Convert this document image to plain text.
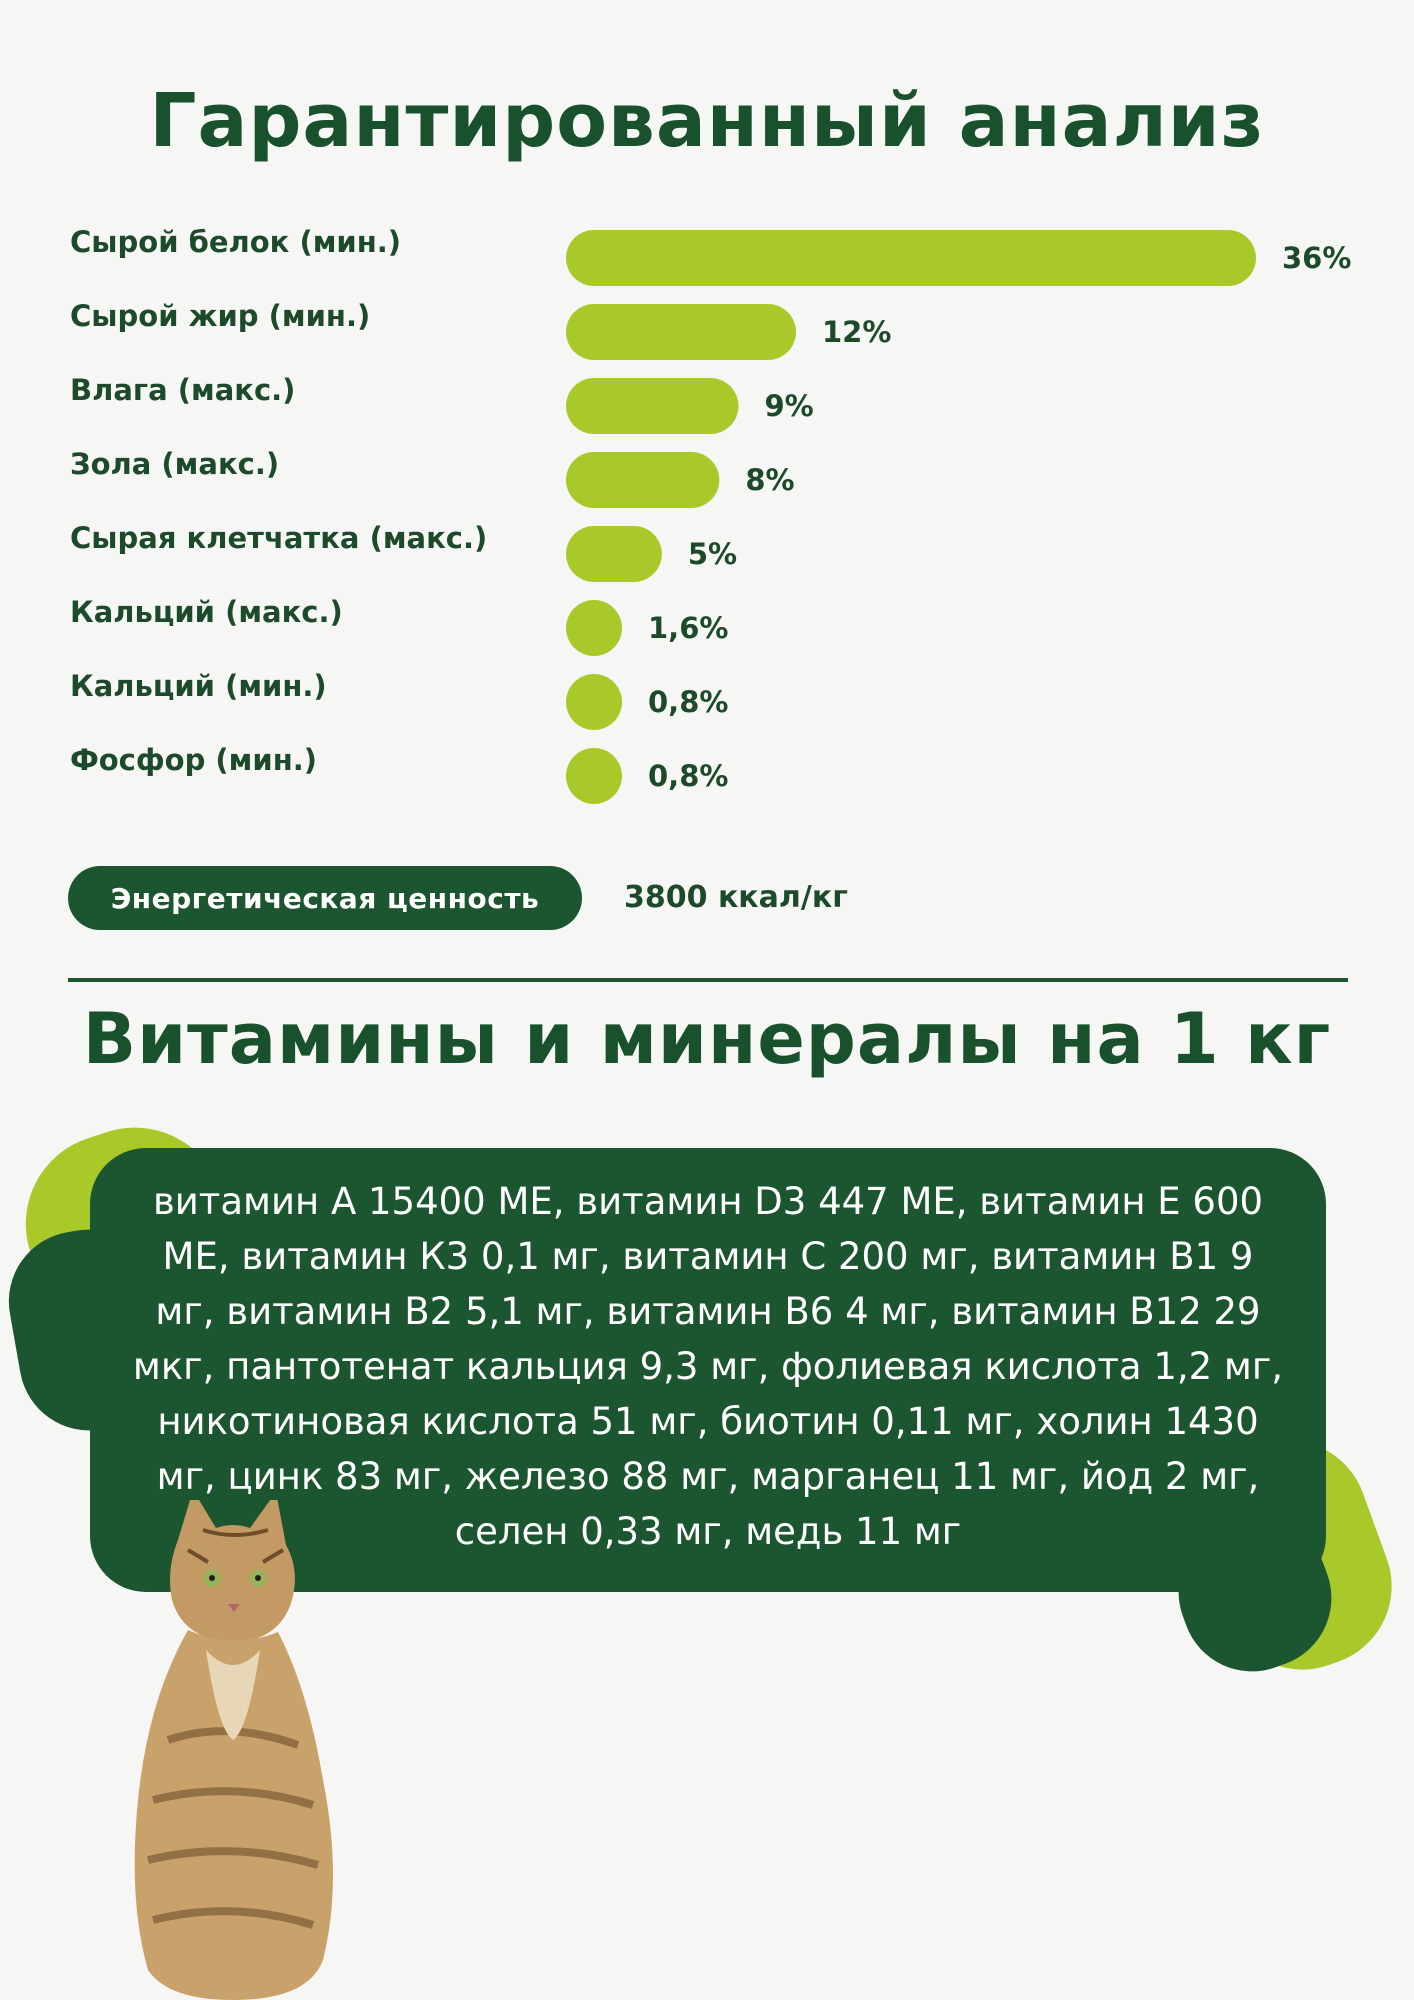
Гарантированный анализ
Сырой белок (мин.)	36%
Сырой жир (мин.)	12%
Влага (макс.)	9%
Зола (макс.)	8%
Сырая клетчатка (макс.)	5%
Кальций (макс.)	1,6%
Кальций (мин.)	0,8%
Фосфор (мин.)	0,8%
Энергетическая ценность	3800 ккал/кг
Витамины и минералы на 1 кг
витамин А 15400 МЕ, витамин D3 447 МЕ, витамин Е 600 МЕ, витамин К3 0,1 мг, витамин С 200 мг, витамин В1 9 мг, витамин В2 5,1 мг, витамин В6 4 мг, витамин В12 29 мкг, пантотенат кальция 9,3 мг, фолиевая кислота 1,2 мг, никотиновая кислота 51 мг, биотин 0,11 мг, холин 1430 мг, цинк 83 мг, железо 88 мг, марганец 11 мг, йод 2 мг, селен 0,33 мг, медь 11 мг
